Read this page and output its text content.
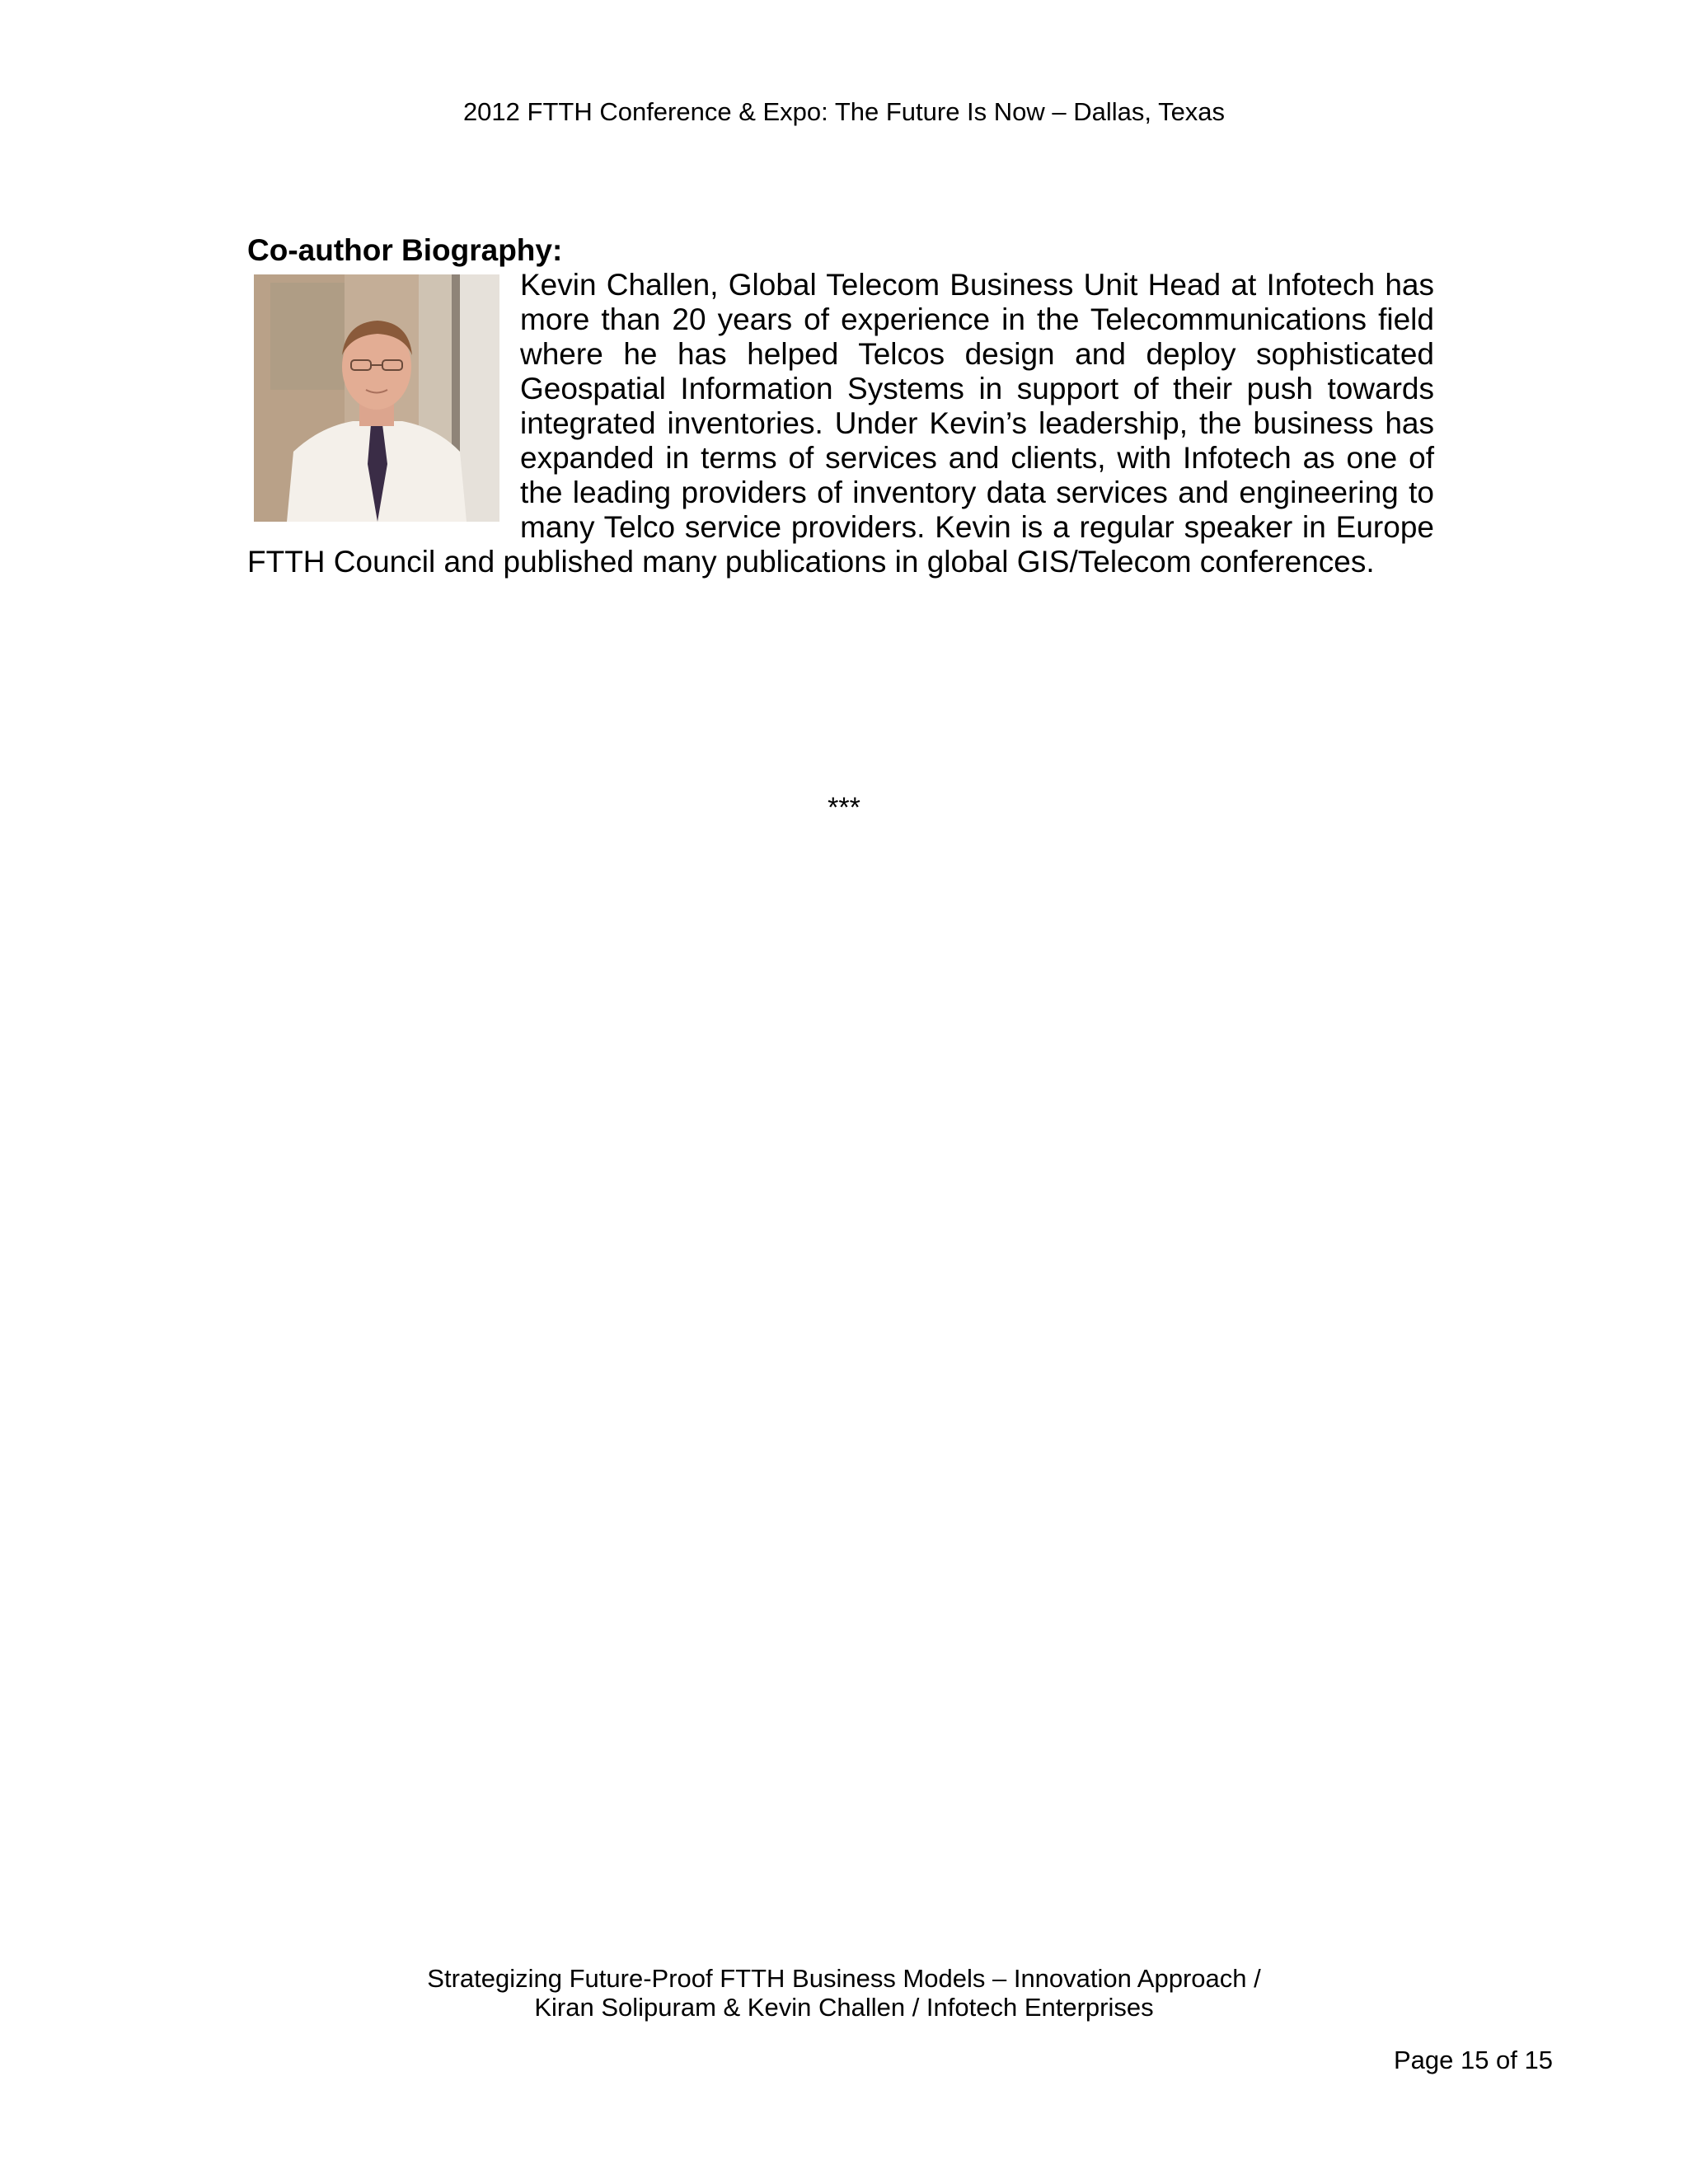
2012 FTTH Conference & Expo: The Future Is Now – Dallas, Texas

Co-author Biography:

Kevin Challen, Global Telecom Business Unit Head at Infotech has more than 20 years of experience in the Telecommunications field where he has helped Telcos design and deploy sophisticated Geospatial Information Systems in support of their push towards integrated inventories. Under Kevin’s leadership, the business has expanded in terms of services and clients, with Infotech as one of the leading providers of inventory data services and engineering to many Telco service providers. Kevin is a regular speaker in Europe FTTH Council and published many publications in global GIS/Telecom conferences.

***
Strategizing Future-Proof FTTH Business Models – Innovation Approach /
Kiran Solipuram & Kevin Challen / Infotech Enterprises
Page 15 of 15
